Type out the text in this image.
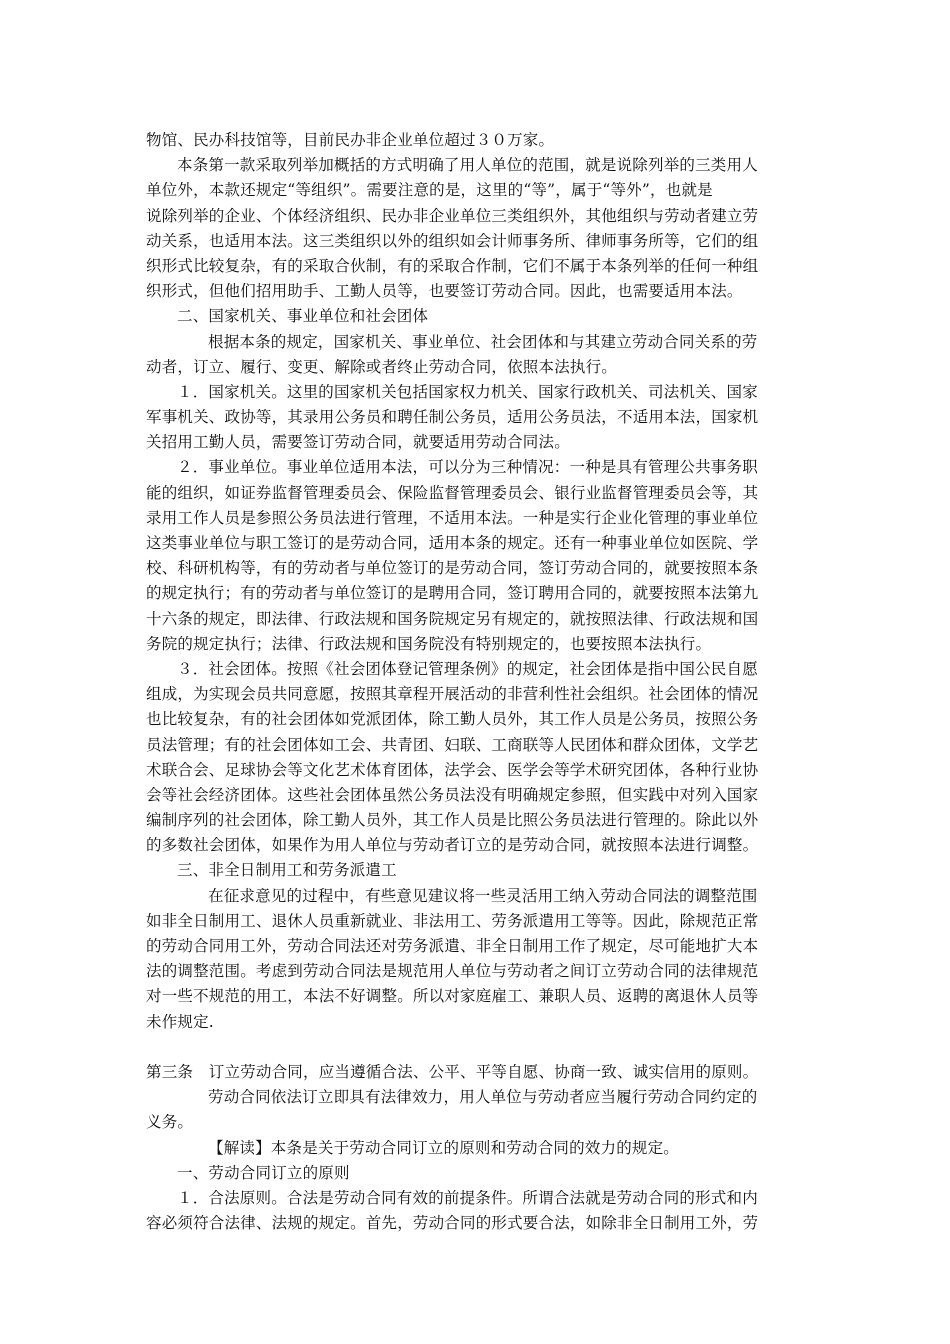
物馆、民办科技馆等，目前民办非企业单位超过３０万家。
本条第一款采取列举加概括的方式明确了用人单位的范围，就是说除列举的三类用人
单位外，本款还规定“等组织”。需要注意的是，这里的“等”，属于“等外”，也就是
说除列举的企业、个体经济组织、民办非企业单位三类组织外，其他组织与劳动者建立劳
动关系，也适用本法。这三类组织以外的组织如会计师事务所、律师事务所等，它们的组
织形式比较复杂，有的采取合伙制，有的采取合作制，它们不属于本条列举的任何一种组
织形式，但他们招用助手、工勤人员等，也要签订劳动合同。因此，也需要适用本法。
二、国家机关、事业单位和社会团体
根据本条的规定，国家机关、事业单位、社会团体和与其建立劳动合同关系的劳
动者，订立、履行、变更、解除或者终止劳动合同，依照本法执行。
１．国家机关。这里的国家机关包括国家权力机关、国家行政机关、司法机关、国家
军事机关、政协等，其录用公务员和聘任制公务员，适用公务员法，不适用本法，国家机
关招用工勤人员，需要签订劳动合同，就要适用劳动合同法。
２．事业单位。事业单位适用本法，可以分为三种情况：一种是具有管理公共事务职
能的组织，如证券监督管理委员会、保险监督管理委员会、银行业监督管理委员会等，其
录用工作人员是参照公务员法进行管理，不适用本法。一种是实行企业化管理的事业单位
这类事业单位与职工签订的是劳动合同，适用本条的规定。还有一种事业单位如医院、学
校、科研机构等，有的劳动者与单位签订的是劳动合同，签订劳动合同的，就要按照本条
的规定执行；有的劳动者与单位签订的是聘用合同，签订聘用合同的，就要按照本法第九
十六条的规定，即法律、行政法规和国务院规定另有规定的，就按照法律、行政法规和国
务院的规定执行；法律、行政法规和国务院没有特别规定的，也要按照本法执行。
３．社会团体。按照《社会团体登记管理条例》的规定，社会团体是指中国公民自愿
组成，为实现会员共同意愿，按照其章程开展活动的非营利性社会组织。社会团体的情况
也比较复杂，有的社会团体如党派团体，除工勤人员外，其工作人员是公务员，按照公务
员法管理；有的社会团体如工会、共青团、妇联、工商联等人民团体和群众团体，文学艺
术联合会、足球协会等文化艺术体育团体，法学会、医学会等学术研究团体，各种行业协
会等社会经济团体。这些社会团体虽然公务员法没有明确规定参照，但实践中对列入国家
编制序列的社会团体，除工勤人员外，其工作人员是比照公务员法进行管理的。除此以外
的多数社会团体，如果作为用人单位与劳动者订立的是劳动合同，就按照本法进行调整。
三、非全日制用工和劳务派遣工
在征求意见的过程中，有些意见建议将一些灵活用工纳入劳动合同法的调整范围
如非全日制用工、退休人员重新就业、非法用工、劳务派遣用工等等。因此，除规范正常
的劳动合同用工外，劳动合同法还对劳务派遣、非全日制用工作了规定，尽可能地扩大本
法的调整范围。考虑到劳动合同法是规范用人单位与劳动者之间订立劳动合同的法律规范
对一些不规范的用工，本法不好调整。所以对家庭雇工、兼职人员、返聘的离退休人员等
未作规定.
第三条　订立劳动合同，应当遵循合法、公平、平等自愿、协商一致、诚实信用的原则。
劳动合同依法订立即具有法律效力，用人单位与劳动者应当履行劳动合同约定的
义务。
【解读】本条是关于劳动合同订立的原则和劳动合同的效力的规定。
一、劳动合同订立的原则
１．合法原则。合法是劳动合同有效的前提条件。所谓合法就是劳动合同的形式和内
容必须符合法律、法规的规定。首先，劳动合同的形式要合法，如除非全日制用工外，劳
